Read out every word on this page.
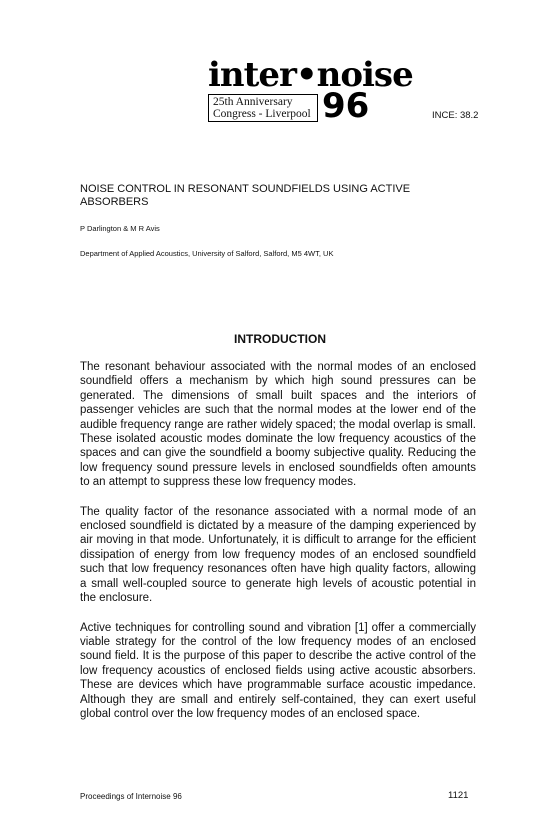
inter•noise
25th Anniversary
Congress - Liverpool 96	INCE: 38.2
NOISE CONTROL IN RESONANT SOUNDFIELDS USING ACTIVE ABSORBERS
P Darlington & M R Avis
Department of Applied Acoustics, University of Salford, Salford, M5 4WT, UK
INTRODUCTION

The resonant behaviour associated with the normal modes of an enclosed soundfield offers a mechanism by which high sound pressures can be generated. The dimensions of small built spaces and the interiors of passenger vehicles are such that the normal modes at the lower end of the audible frequency range are rather widely spaced; the modal overlap is small. These isolated acoustic modes dominate the low frequency acoustics of the spaces and can give the soundfield a boomy subjective quality. Reducing the low frequency sound pressure levels in enclosed soundfields often amounts to an attempt to suppress these low frequency modes.

The quality factor of the resonance associated with a normal mode of an enclosed soundfield is dictated by a measure of the damping experienced by air moving in that mode. Unfortunately, it is difficult to arrange for the efficient dissipation of energy from low frequency modes of an enclosed soundfield such that low frequency resonances often have high quality factors, allowing a small well-coupled source to generate high levels of acoustic potential in the enclosure.

Active techniques for controlling sound and vibration [1] offer a commercially viable strategy for the control of the low frequency modes of an enclosed sound field. It is the purpose of this paper to describe the active control of the low frequency acoustics of enclosed fields using active acoustic absorbers. These are devices which have programmable surface acoustic impedance. Although they are small and entirely self-contained, they can exert useful global control over the low frequency modes of an enclosed space.

Proceedings of Internoise 96	1121
